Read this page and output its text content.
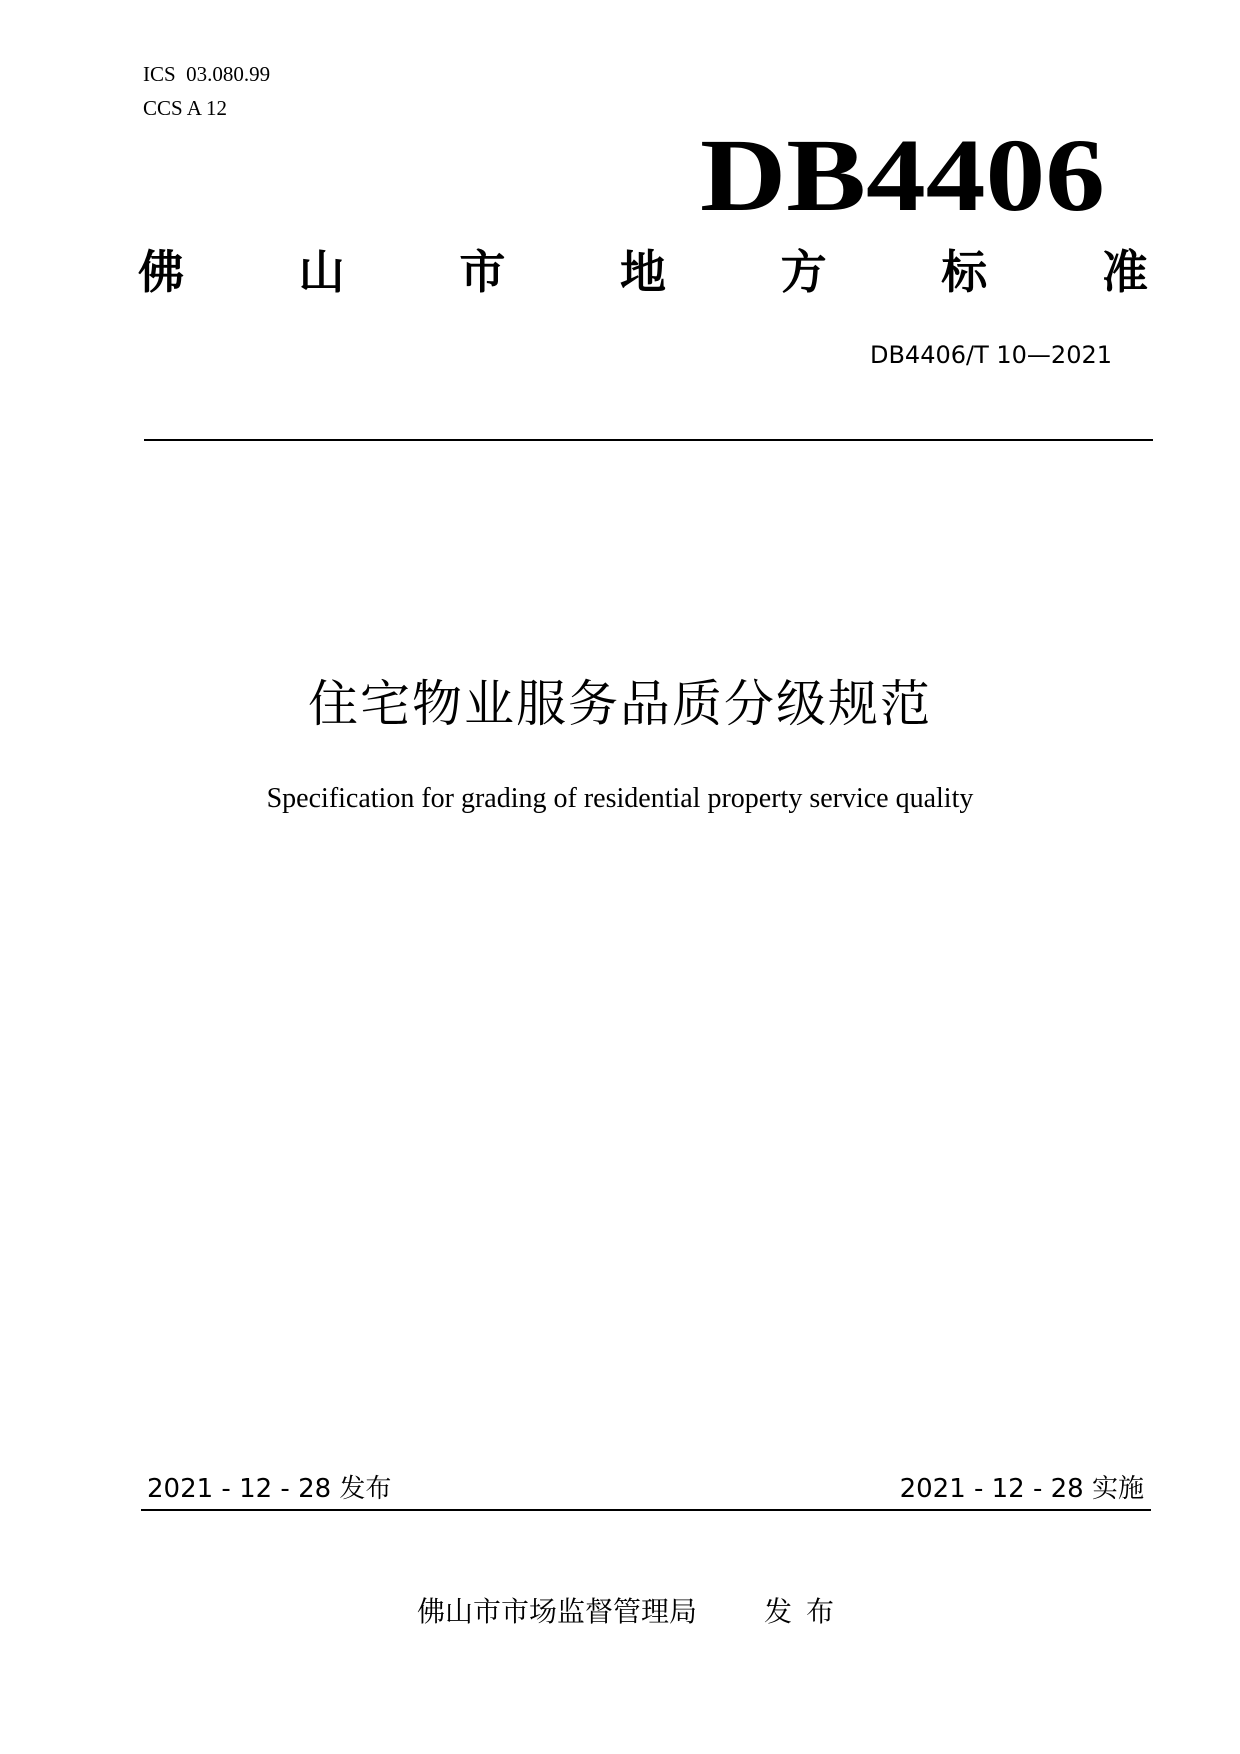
ICS  03.080.99
CCS A 12
DB4406
佛 山 市 地 方 标 准
DB4406/T 10—2021
住宅物业服务品质分级规范
Specification for grading of residential property service quality
2021 - 12 - 28 发布	2021 - 12 - 28 实施
佛山市市场监督管理局 发布
